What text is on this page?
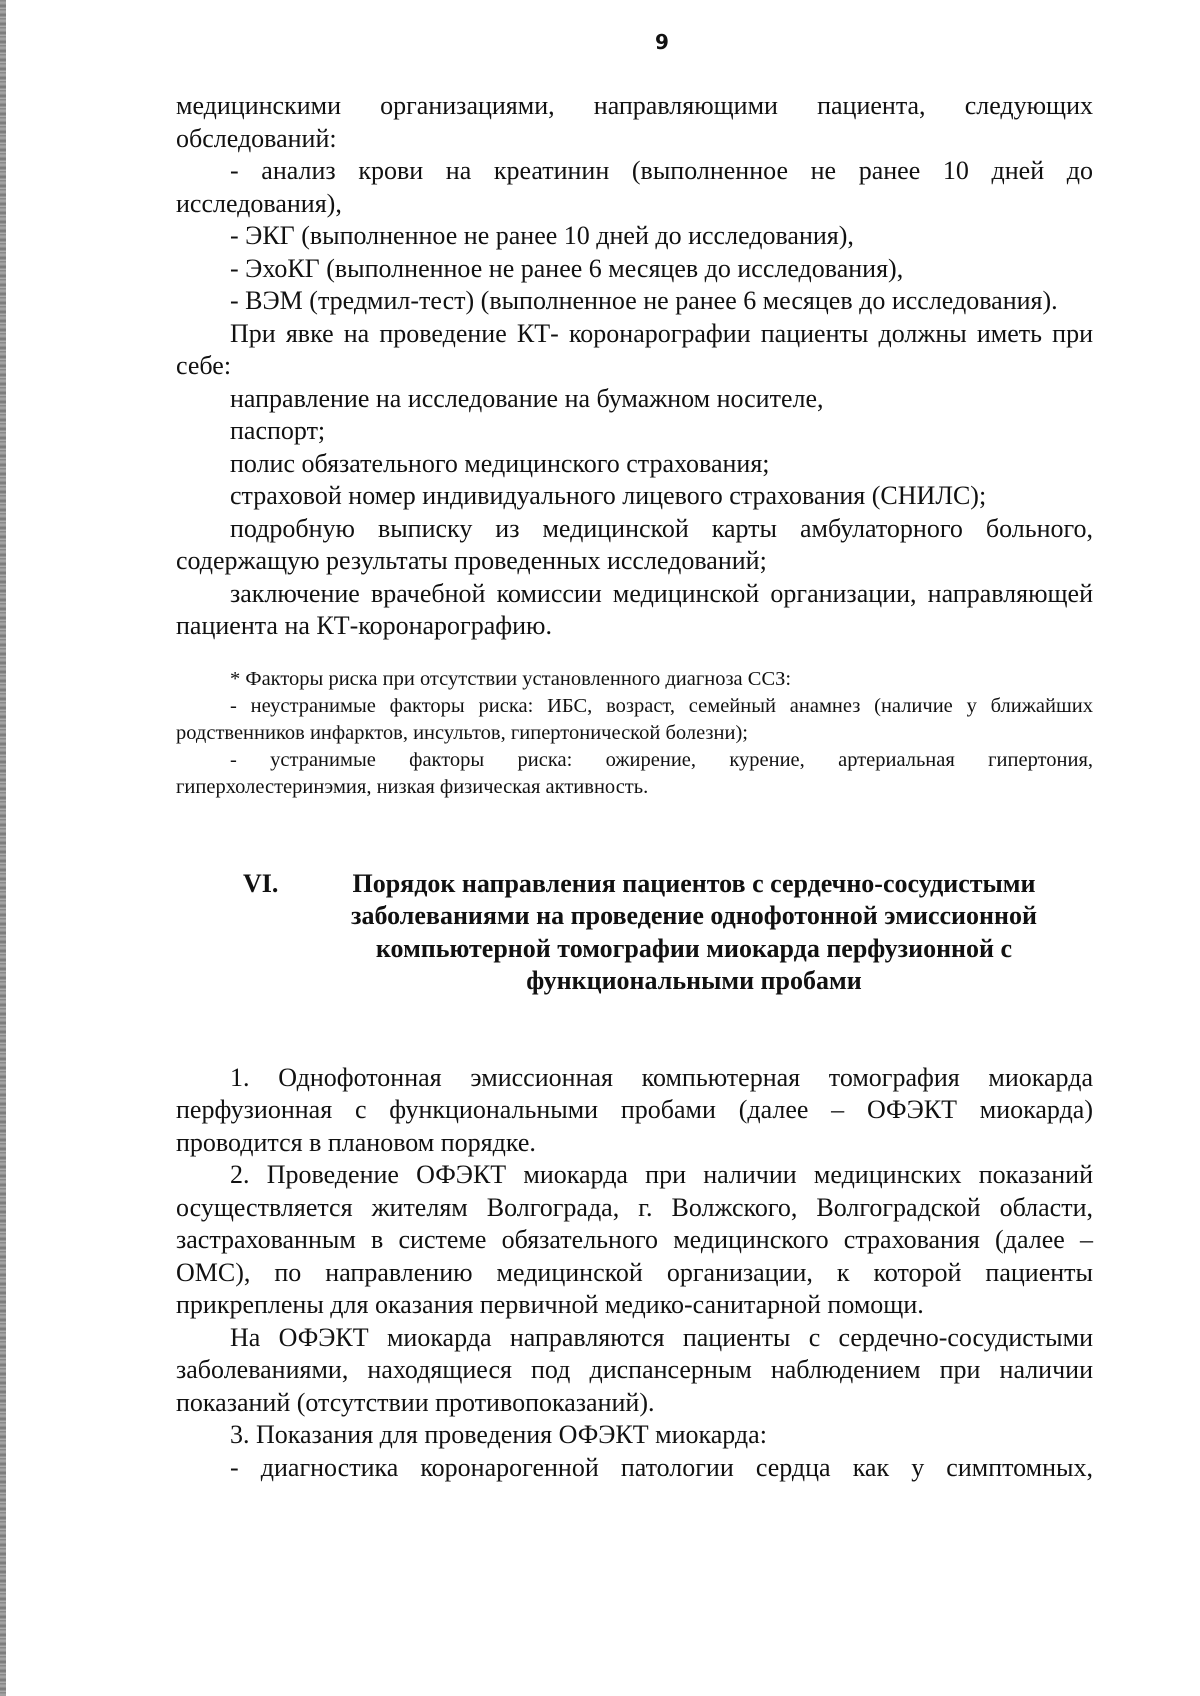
9

медицинскими организациями, направляющими пациента, следующих обследований:

- анализ крови на креатинин (выполненное не ранее 10 дней до исследования),

- ЭКГ (выполненное не ранее 10 дней до исследования),

- ЭхоКГ (выполненное не ранее 6 месяцев до исследования),

- ВЭМ (тредмил-тест) (выполненное не ранее 6 месяцев до исследования).

При явке на проведение КТ- коронарографии пациенты должны иметь при себе:

направление на исследование на бумажном носителе,

паспорт;

полис обязательного медицинского страхования;

страховой номер индивидуального лицевого страхования (СНИЛС);

подробную выписку из медицинской карты амбулаторного больного, содержащую результаты проведенных исследований;

заключение врачебной комиссии медицинской организации, направляющей пациента на КТ-коронарографию.

* Факторы риска при отсутствии установленного диагноза ССЗ:

- неустранимые факторы риска: ИБС, возраст, семейный анамнез (наличие у ближайших родственников инфарктов, инсультов, гипертонической болезни);

- устранимые факторы риска: ожирение, курение, артериальная гипертония, гиперхолестеринэмия, низкая физическая активность.

VI.	Порядок направления пациентов с сердечно-сосудистыми
заболеваниями на проведение однофотонной эмиссионной
компьютерной томографии миокарда перфузионной с
функциональными пробами

1. Однофотонная эмиссионная компьютерная томография миокарда перфузионная с функциональными пробами (далее – ОФЭКТ миокарда) проводится в плановом порядке.

2. Проведение ОФЭКТ миокарда при наличии медицинских показаний осуществляется жителям Волгограда, г. Волжского, Волгоградской области, застрахованным в системе обязательного медицинского страхования (далее – ОМС), по направлению медицинской организации, к которой пациенты прикреплены для оказания первичной медико-санитарной помощи.

На ОФЭКТ миокарда направляются пациенты с сердечно-сосудистыми заболеваниями, находящиеся под диспансерным наблюдением при наличии показаний (отсутствии противопоказаний).

3. Показания для проведения ОФЭКТ миокарда:

- диагностика коронарогенной патологии сердца как у симптомных,
